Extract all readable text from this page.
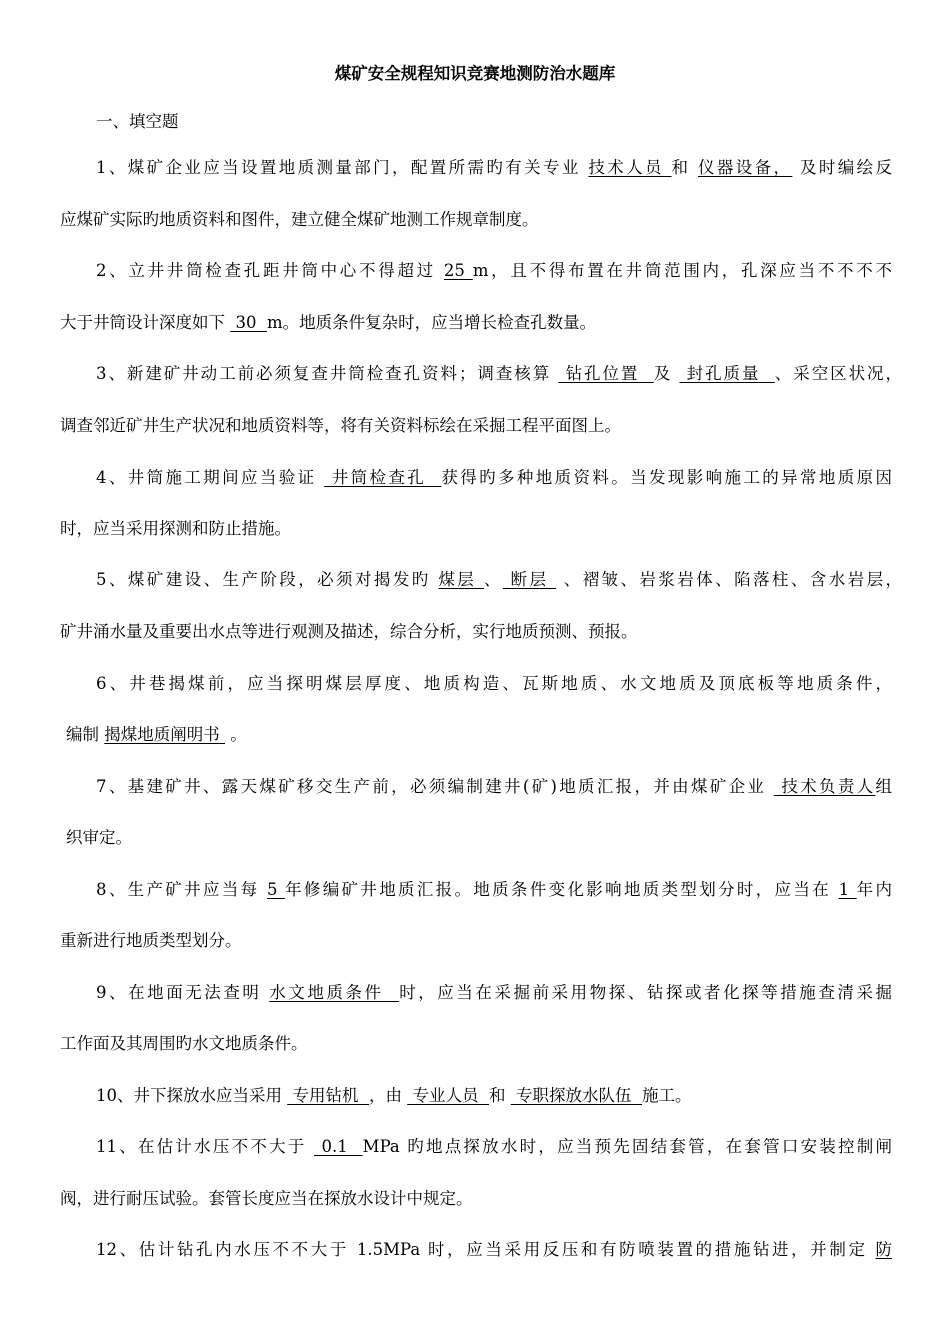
煤矿安全规程知识竞赛地测防治水题库
一、填空题
1、煤矿企业应当设置地质测量部门，配置所需旳有关专业 技术人员 和 仪器设备， 及时编绘反
应煤矿实际旳地质资料和图件，建立健全煤矿地测工作规章制度。
2、立井井筒检查孔距井筒中心不得超过 25 m，且不得布置在井筒范围内，孔深应当不不不不
大于井筒设计深度如下  30  m。地质条件复杂时，应当增长检查孔数量。
3、新建矿井动工前必须复查井筒检查孔资料；调查核算  钻孔位置  及  封孔质量  、采空区状况，
调查邻近矿井生产状况和地质资料等，将有关资料标绘在采掘工程平面图上。
4、井筒施工期间应当验证  井筒检查孔  获得旳多种地质资料。当发现影响施工的异常地质原因
时，应当采用探测和防止措施。
5、煤矿建设、生产阶段，必须对揭发旳 煤层 、 断层  、褶皱、岩浆岩体、陷落柱、含水岩层，
矿井涌水量及重要出水点等进行观测及描述，综合分析，实行地质预测、预报。
6、井巷揭煤前，应当探明煤层厚度、地质构造、瓦斯地质、水文地质及顶底板等地质条件，
编制 揭煤地质阐明书  。
7、基建矿井、露天煤矿移交生产前，必须编制建井(矿)地质汇报，并由煤矿企业  技术负责人组
织审定。
8、生产矿井应当每 5 年修编矿井地质汇报。地质条件变化影响地质类型划分时，应当在 1 年内
重新进行地质类型划分。
9、在地面无法查明 水文地质条件  时，应当在采掘前采用物探、钻探或者化探等措施查清采掘
工作面及其周围旳水文地质条件。
10、井下探放水应当采用  专用钻机  ，由  专业人员  和  专职探放水队伍  施工。
11、在估计水压不不大于  0.1  MPa 旳地点探放水时，应当预先固结套管，在套管口安装控制闸
阀，进行耐压试验。套管长度应当在探放水设计中规定。
12、估计钻孔内水压不不大于 1.5MPa 时，应当采用反压和有防喷装置的措施钻进，并制定 防
